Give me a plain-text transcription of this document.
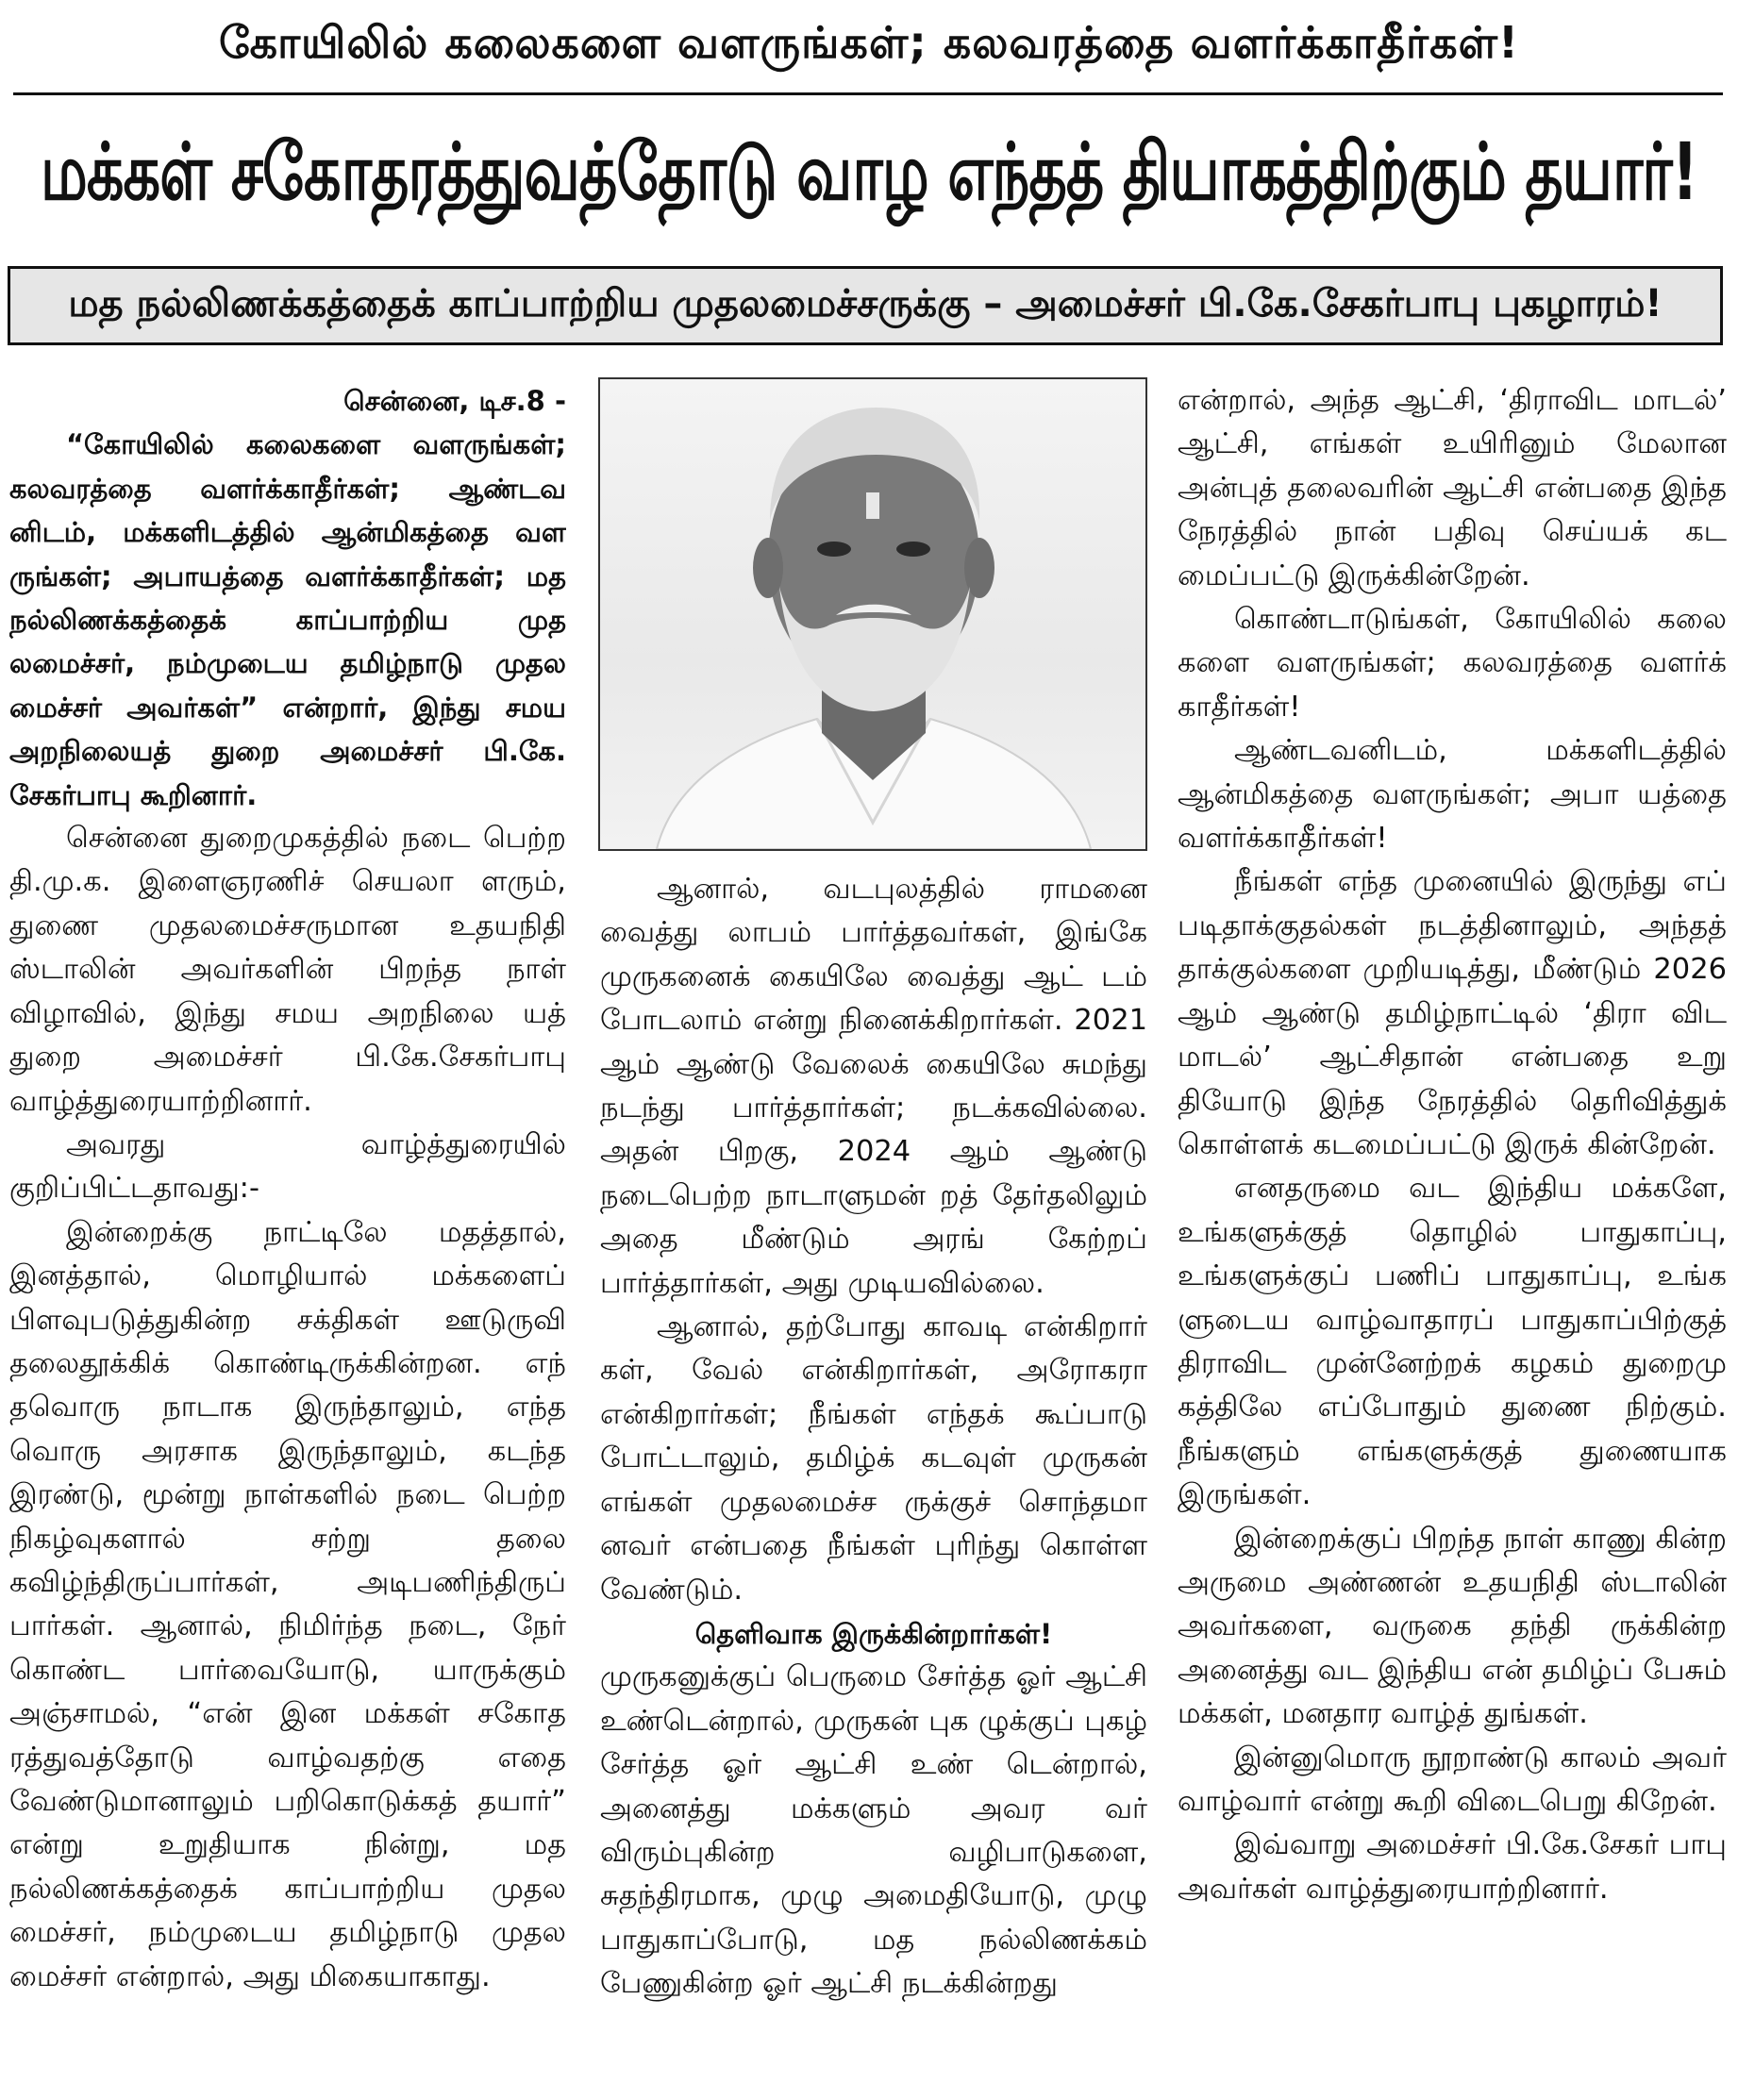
கோயிலில் கலைகளை வளருங்கள்; கலவரத்தை வளர்க்காதீர்கள்!
மக்கள் சகோதரத்துவத்தோடு வாழ எந்தத் தியாகத்திற்கும் தயார்!
மத நல்லிணக்கத்தைக் காப்பாற்றிய முதலமைச்சருக்கு – அமைச்சர் பி.கே.சேகர்பாபு புகழாரம்!

சென்னை, டிச.8 -

“கோயிலில் கலைகளை வளருங்கள்; கலவரத்தை வளர்க்காதீர்கள்; ஆண்டவ னிடம், மக்களிடத்தில் ஆன்மிகத்தை வள ருங்கள்; அபாயத்தை வளர்க்காதீர்கள்; மத நல்லிணக்கத்தைக் காப்பாற்றிய முத லமைச்சர், நம்முடைய தமிழ்நாடு முதல மைச்சர் அவர்கள்” என்றார், இந்து சமய அறநிலையத் துறை அமைச்சர் பி.கே. சேகர்பாபு கூறினார்.

சென்னை துறைமுகத்தில் நடை பெற்ற தி.மு.க. இளைஞரணிச் செயலா ளரும், துணை முதலமைச்சருமான உதயநிதி ஸ்டாலின் அவர்களின் பிறந்த நாள் விழாவில், இந்து சமய அறநிலை யத் துறை அமைச்சர் பி.கே.சேகர்பாபு வாழ்த்துரையாற்றினார்.

அவரது வாழ்த்துரையில் குறிப்பிட்டதாவது:-

இன்றைக்கு நாட்டிலே மதத்தால், இனத்தால், மொழியால் மக்களைப் பிளவுபடுத்துகின்ற சக்திகள் ஊடுருவி தலைதூக்கிக் கொண்டிருக்கின்றன. எந் தவொரு நாடாக இருந்தாலும், எந்த வொரு அரசாக இருந்தாலும், கடந்த இரண்டு, மூன்று நாள்களில் நடை பெற்ற நிகழ்வுகளால் சற்று தலை கவிழ்ந்திருப்பார்கள், அடிபணிந்திருப் பார்கள். ஆனால், நிமிர்ந்த நடை, நேர் கொண்ட பார்வையோடு, யாருக்கும் அஞ்சாமல், “என் இன மக்கள் சகோத ரத்துவத்தோடு வாழ்வதற்கு எதை வேண்டுமானாலும் பறிகொடுக்கத் தயார்” என்று உறுதியாக நின்று, மத நல்லிணக்கத்தைக் காப்பாற்றிய முதல மைச்சர், நம்முடைய தமிழ்நாடு முதல மைச்சர் என்றால், அது மிகையாகாது.

ஆனால், வடபுலத்தில் ராமனை வைத்து லாபம் பார்த்தவர்கள், இங்கே முருகனைக் கையிலே வைத்து ஆட் டம் போடலாம் என்று நினைக்கிறார்கள். 2021 ஆம் ஆண்டு வேலைக் கையிலே சுமந்து நடந்து பார்த்தார்கள்; நடக்கவில்லை. அதன் பிறகு, 2024 ஆம் ஆண்டு நடைபெற்ற நாடாளுமன் றத் தேர்தலிலும் அதை மீண்டும் அரங் கேற்றப் பார்த்தார்கள், அது முடியவில்லை.

ஆனால், தற்போது காவடி என்கிறார் கள், வேல் என்கிறார்கள், அரோகரா என்கிறார்கள்; நீங்கள் எந்தக் கூப்பாடு போட்டாலும், தமிழ்க் கடவுள் முருகன் எங்கள் முதலமைச்ச ருக்குச் சொந்தமா னவர் என்பதை நீங்கள் புரிந்து கொள்ள வேண்டும்.

தெளிவாக இருக்கின்றார்கள்!

முருகனுக்குப் பெருமை சேர்த்த ஓர் ஆட்சி உண்டென்றால், முருகன் புக ழுக்குப் புகழ் சேர்த்த ஓர் ஆட்சி உண் டென்றால், அனைத்து மக்களும் அவர வர் விரும்புகின்ற வழிபாடுகளை, சுதந்திரமாக, முழு அமைதியோடு, முழு பாதுகாப்போடு, மத நல்லிணக்கம் பேணுகின்ற ஓர் ஆட்சி நடக்கின்றது

என்றால், அந்த ஆட்சி, ‘திராவிட மாடல்’ ஆட்சி, எங்கள் உயிரினும் மேலான அன்புத் தலைவரின் ஆட்சி என்பதை இந்த நேரத்தில் நான் பதிவு செய்யக் கட மைப்பட்டு இருக்கின்றேன்.

கொண்டாடுங்கள், கோயிலில் கலை களை வளருங்கள்; கலவரத்தை வளர்க் காதீர்கள்!

ஆண்டவனிடம், மக்களிடத்தில் ஆன்மிகத்தை வளருங்கள்; அபா யத்தை வளர்க்காதீர்கள்!

நீங்கள் எந்த முனையில் இருந்து எப் படிதாக்குதல்கள் நடத்தினாலும், அந்தத் தாக்குல்களை முறியடித்து, மீண்டும் 2026 ஆம் ஆண்டு தமிழ்நாட்டில் ‘திரா விட மாடல்’ ஆட்சிதான் என்பதை உறு தியோடு இந்த நேரத்தில் தெரிவித்துக் கொள்ளக் கடமைப்பட்டு இருக் கின்றேன்.

எனதருமை வட இந்திய மக்களே, உங்களுக்குத் தொழில் பாதுகாப்பு, உங்களுக்குப் பணிப் பாதுகாப்பு, உங்க ளுடைய வாழ்வாதாரப் பாதுகாப்பிற்குத் திராவிட முன்னேற்றக் கழகம் துறைமு கத்திலே எப்போதும் துணை நிற்கும். நீங்களும் எங்களுக்குத் துணையாக இருங்கள்.

இன்றைக்குப் பிறந்த நாள் காணு கின்ற அருமை அண்ணன் உதயநிதி ஸ்டாலின் அவர்களை, வருகை தந்தி ருக்கின்ற அனைத்து வட இந்திய என் தமிழ்ப் பேசும் மக்கள், மனதார வாழ்த் துங்கள்.

இன்னுமொரு நூறாண்டு காலம் அவர் வாழ்வார் என்று கூறி விடைபெறு கிறேன்.

இவ்வாறு அமைச்சர் பி.கே.சேகர் பாபு அவர்கள் வாழ்த்துரையாற்றினார்.
